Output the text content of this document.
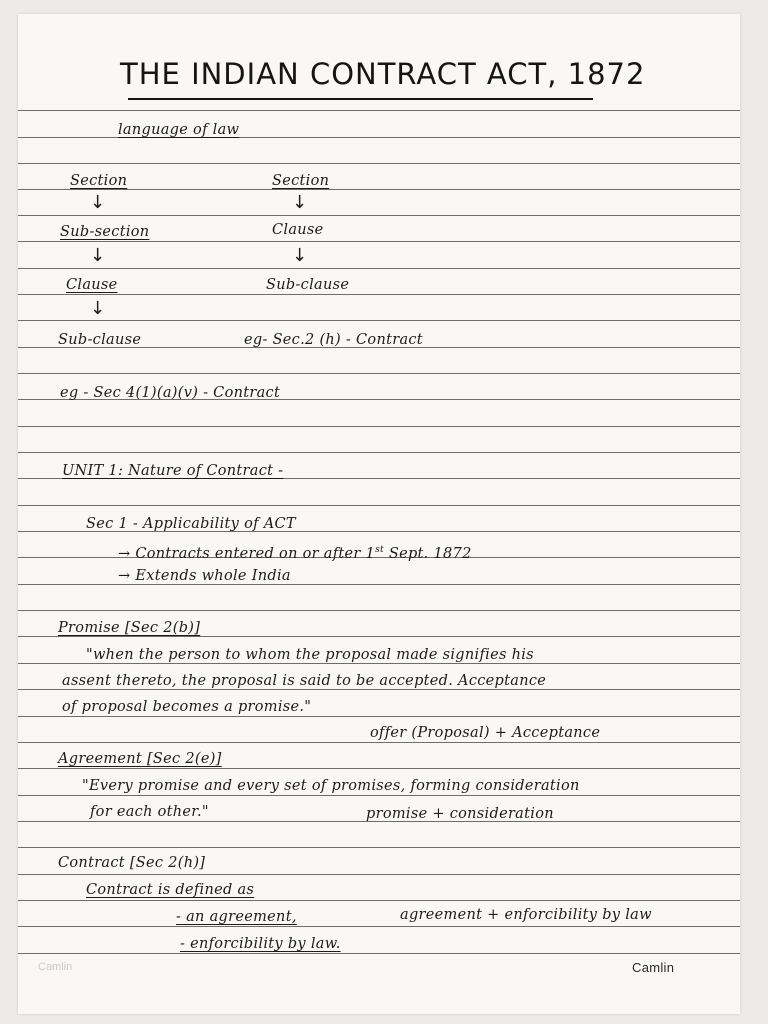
THE INDIAN CONTRACT ACT, 1872
language of law
Section	Section
↓	↓
Sub-section	Clause
↓	↓
Clause	Sub-clause
↓
Sub-clause	eg- Sec.2 (h) - Contract
eg - Sec 4(1)(a)(v) - Contract
UNIT 1: Nature of Contract -
Sec 1 - Applicability of ACT
→ Contracts entered on or after 1st Sept. 1872
→ Extends whole India
Promise [Sec 2(b)]
"when the person to whom the proposal made signifies his
assent thereto, the proposal is said to be accepted. Acceptance
of proposal becomes a promise."
offer (Proposal) + Acceptance
Agreement [Sec 2(e)]
"Every promise and every set of promises, forming consideration
for each other."	promise + consideration
Contract [Sec 2(h)]
Contract is defined as
- an agreement,	agreement + enforcibility by law
- enforcibility by law.
Camlin	Camlin
